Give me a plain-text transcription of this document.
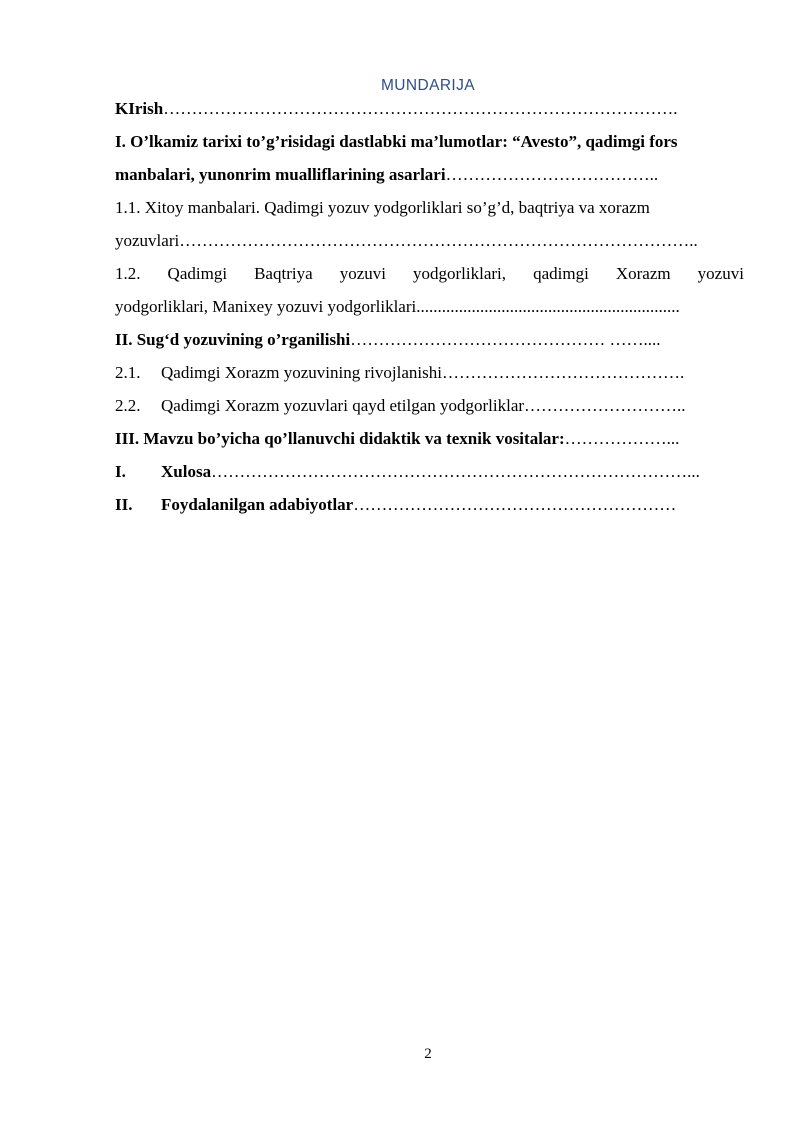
MUNDARIJA
KIrish……………………………………………………………………………….
I. O’lkamiz tarixi to’g’risidagi dastlabki ma’lumotlar: “Avesto”, qadimgi fors
manbalari, yunonrim mualliflarining asarlari………………………………..
1.1. Xitoy manbalari. Qadimgi yozuv yodgorliklari so’g’d, baqtriya va xorazm
yozuvlari………………………………………………………………………………..
1.2. Qadimgi Baqtriya yozuvi yodgorliklari, qadimgi Xorazm yozuvi
yodgorliklari, Manixey yozuvi yodgorliklari..............................................................
II. Sug‘d yozuvining o’rganilishi……………………………………… ……....
2.1. Qadimgi Xorazm yozuvining rivojlanishi…………………………………….
2.2. Qadimgi Xorazm yozuvlari qayd etilgan yodgorliklar………………………..
III. Mavzu bo’yicha qo’llanuvchi didaktik va texnik vositalar:………………...
I. Xulosa…………………………………………………………………………...
II. Foydalanilgan adabiyotlar…………………………………………………
2
